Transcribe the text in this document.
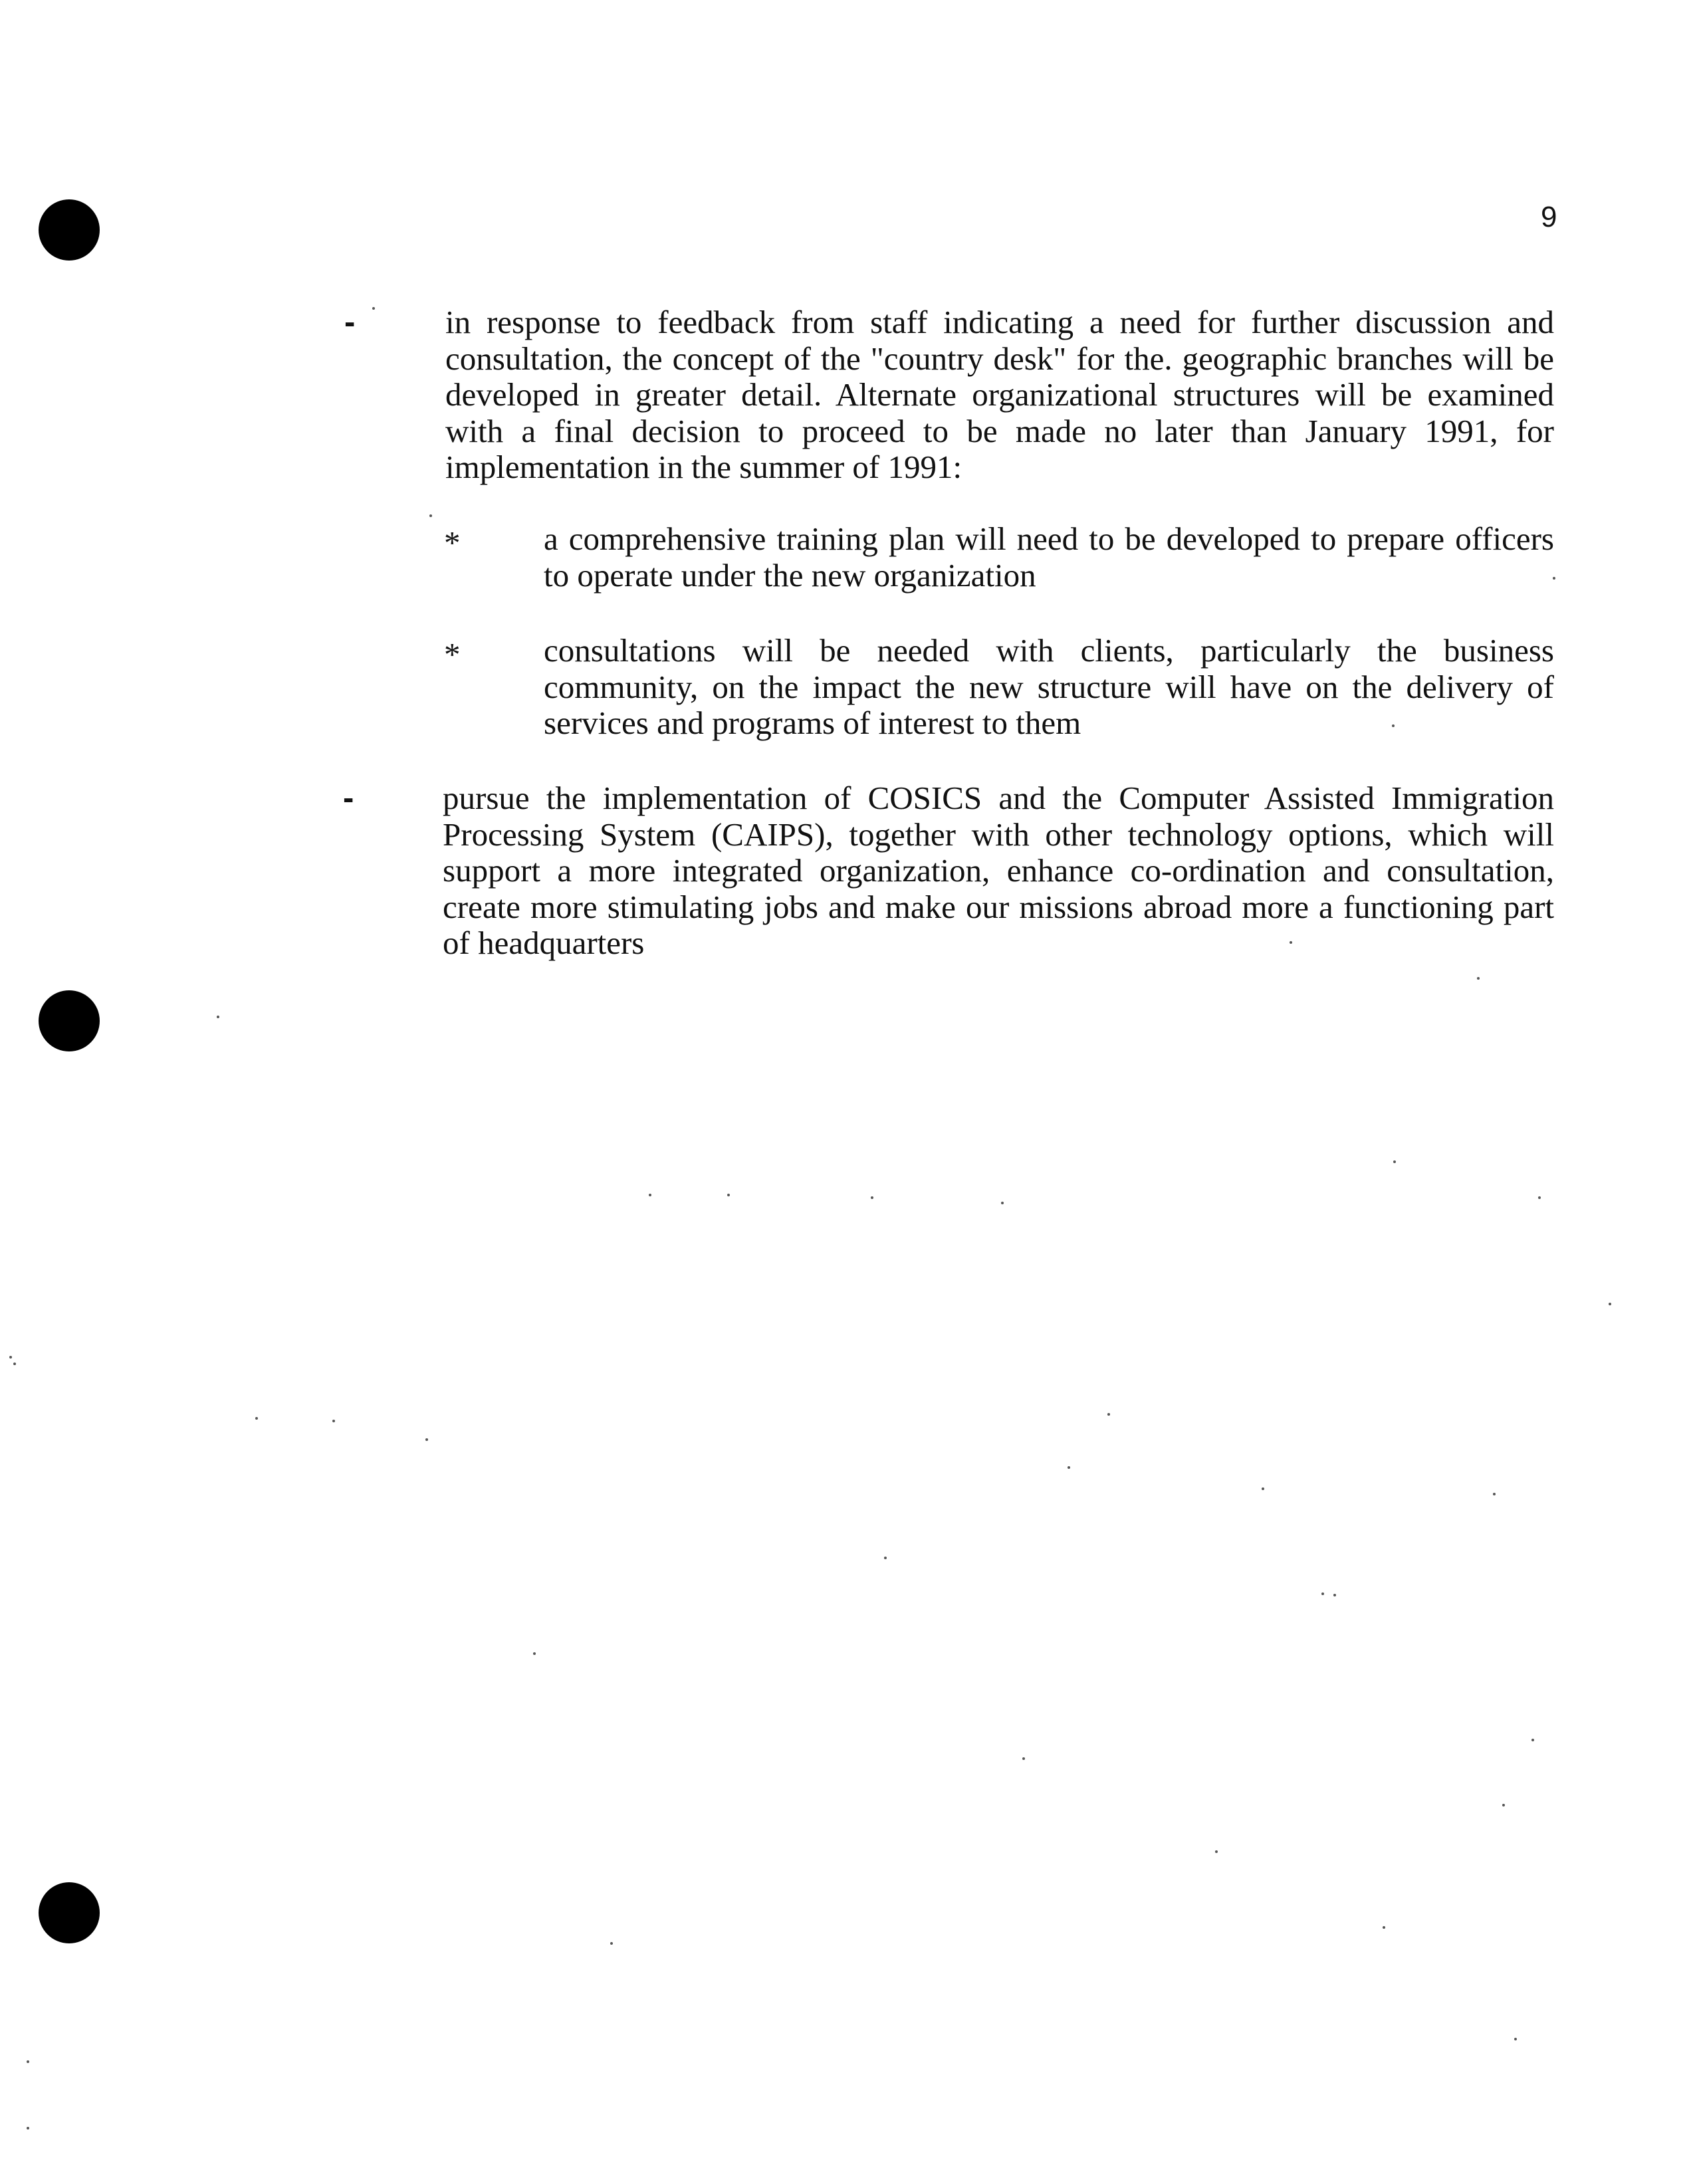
9
-	in response to feedback from staff indicating a need for further discussion and consultation, the concept of the "country desk" for the. geographic branches will be developed in greater detail. Alternate organizational structures will be examined with a final decision to proceed to be made no later than January 1991, for implementation in the summer of 1991:

*	a comprehensive training plan will need to be developed to prepare officers to operate under the new organization

*	consultations will be needed with clients, particularly the business community, on the impact the new structure will have on the delivery of services and programs of interest to them

-	pursue the implementation of COSICS and the Computer Assisted Immigration Processing System (CAIPS), together with other technology options, which will support a more integrated organization, enhance co-ordination and consultation, create more stimulating jobs and make our missions abroad more a functioning part of headquarters
